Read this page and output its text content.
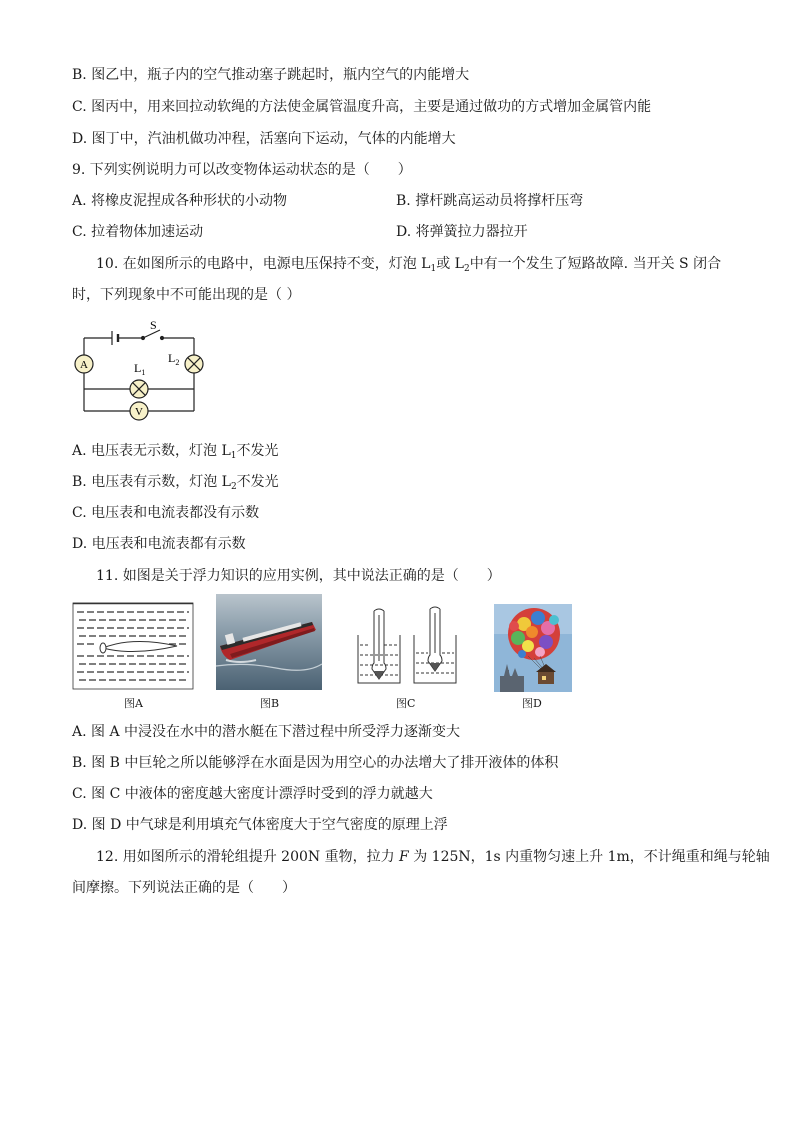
B. 图乙中，瓶子内的空气推动塞子跳起时，瓶内空气的内能增大
C. 图丙中，用来回拉动软绳的方法使金属管温度升高，主要是通过做功的方式增加金属管内能
D. 图丁中，汽油机做功冲程，活塞向下运动，气体的内能增大
9. 下列实例说明力可以改变物体运动状态的是（　　）
A. 将橡皮泥捏成各种形状的小动物	B. 撑杆跳高运动员将撑杆压弯
C. 拉着物体加速运动	D. 将弹簧拉力器拉开
10. 在如图所示的电路中，电源电压保持不变，灯泡 $L_1$或 $L_2$中有一个发生了短路故障. 当开关 S 闭合
时，下列现象中不可能出现的是（ ）
A
V
S
$L_2$
$L_1$
A. 电压表无示数，灯泡 $L_1$不发光
B. 电压表有示数，灯泡 $L_2$不发光
C. 电压表和电流表都没有示数
D. 电压表和电流表都有示数
11. 如图是关于浮力知识的应用实例，其中说法正确的是（　　）
图A	图B	图C	图D
A. 图 A 中浸没在水中的潜水艇在下潜过程中所受浮力逐渐变大
B. 图 B 中巨轮之所以能够浮在水面是因为用空心的办法增大了排开液体的体积
C. 图 C 中液体的密度越大密度计漂浮时受到的浮力就越大
D. 图 D 中气球是利用填充气体密度大于空气密度的原理上浮
12. 用如图所示的滑轮组提升 200N 重物，拉力 F 为 125N，1s 内重物匀速上升 1m，不计绳重和绳与轮轴
间摩擦。下列说法正确的是（　　）
